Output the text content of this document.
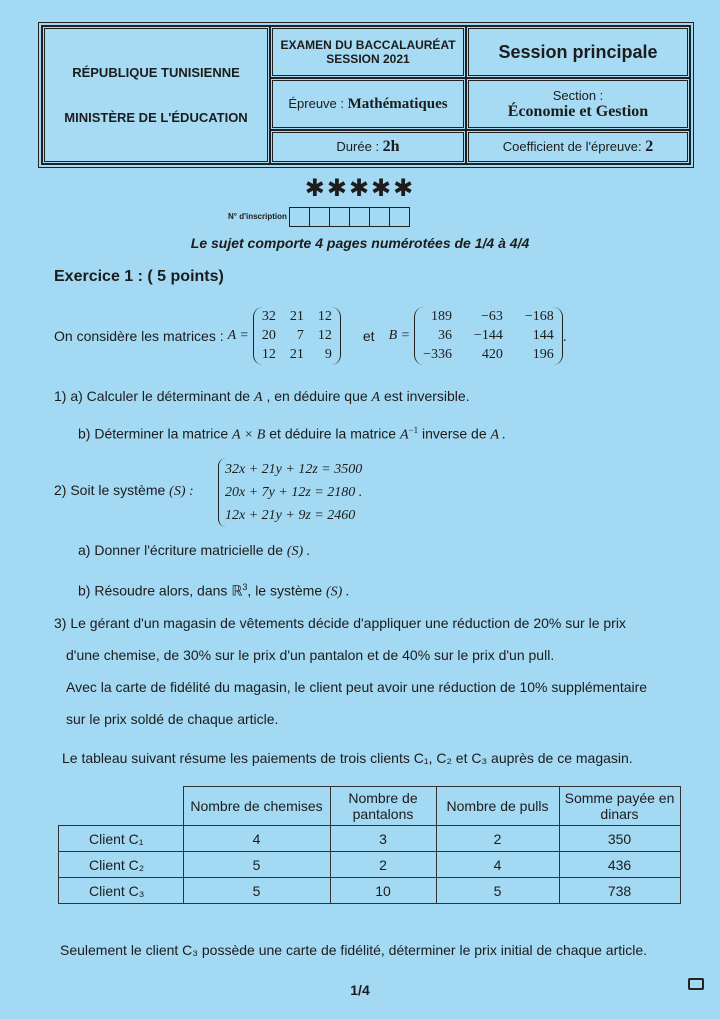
RÉPUBLIQUE TUNISIENNE
MINISTÈRE DE L'ÉDUCATION
EXAMEN DU BACCALAURÉAT
SESSION 2021	Session principale
Épreuve : Mathématiques
Section :
Économie et Gestion
Durée : 2h	Coefficient de l'épreuve: 2
✱✱✱✱✱
N° d'inscription
Le sujet comporte 4 pages numérotées de 1/4 à 4/4
Exercice 1 : ( 5 points)
On considère les matrices : A =
32 21 12
20	7 12
12 21	9
et B =
189	−63 −168
36 −144	144
−336	420	196
.
1) a) Calculer le déterminant de A , en déduire que A est inversible.
b) Déterminer la matrice A × B et déduire la matrice $A^{-1}$ inverse de A .
2) Soit le système (S) :
32x + 21y + 12z = 3500
20x + 7y + 12z = 2180 .
12x + 21y + 9z = 2460
a) Donner l'écriture matricielle de (S) .
b) Résoudre alors, dans ℝ$^3$, le système (S) .
3) Le gérant d'un magasin de vêtements décide d'appliquer une réduction de 20% sur le prix
d'une chemise, de 30% sur le prix d'un pantalon et de 40% sur le prix d'un pull.
Avec la carte de fidélité du magasin, le client peut avoir une réduction de 10% supplémentaire
sur le prix soldé de chaque article.
Le tableau suivant résume les paiements de trois clients C₁, C₂ et C₃ auprès de ce magasin.
	Nombre de chemises	Nombre de pantalons	Nombre de pulls	Somme payée en dinars
Client C₁	4	3	2	350
Client C₂	5	2	4	436
Client C₃	5	10	5	738
Seulement le client C₃ possède une carte de fidélité, déterminer le prix initial de chaque article.
1/4
